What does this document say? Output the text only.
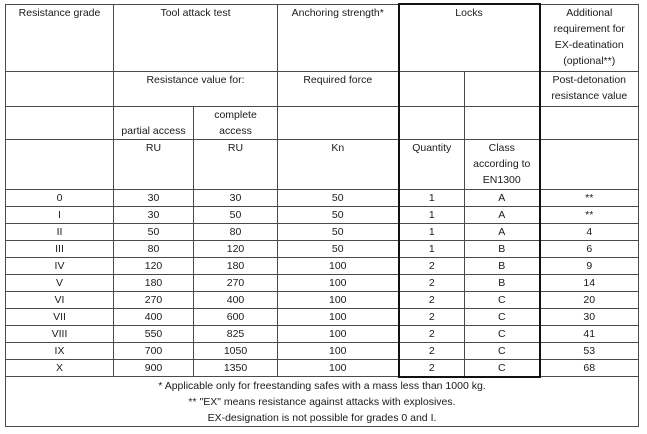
Resistance grade	Tool attack test		Anchoring strength*	Locks		Additional
requirement for
EX-deatination
(optional**)

	Resistance value for:		Required force			Post-detonation
resistance value

	partial access	complete
access				

	RU	RU	Kn	Quantity	Class
according to
EN1300	

0	30	30	50	1	A	**
I	30	50	50	1	A	**
II	50	80	50	1	A	4
III	80	120	50	1	B	6
IV	120	180	100	2	B	9
V	180	270	100	2	B	14
VI	270	400	100	2	C	20
VII	400	600	100	2	C	30
VIII	550	825	100	2	C	41
IX	700	1050	100	2	C	53
X	900	1350	100	2	C	68

* Applicable only for freestanding safes with a mass less than 1000 kg.
** "EX" means resistance against attacks with explosives.
EX-designation is not possible for grades 0 and I.						
